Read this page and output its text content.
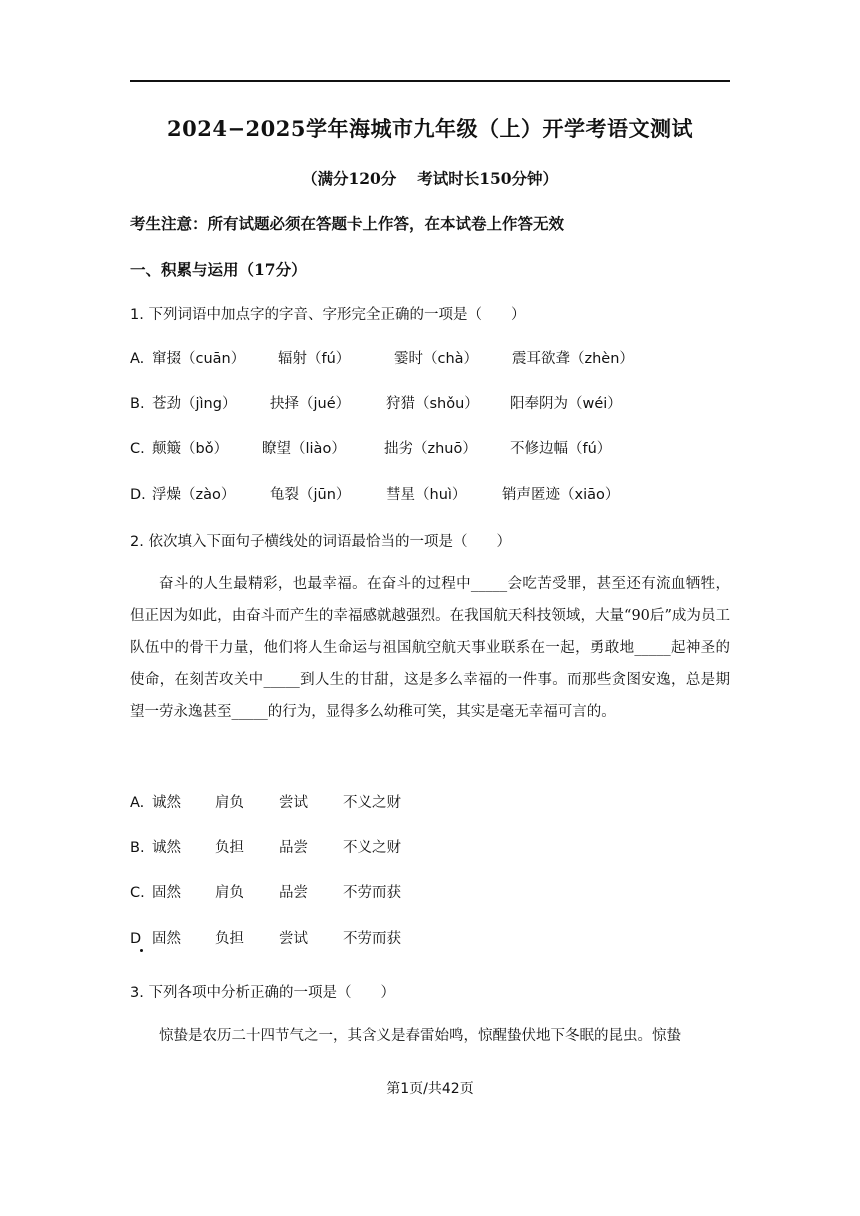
2024−2025学年海城市九年级（上）开学考语文测试
（满分120分　 考试时长150分钟）
考生注意：所有试题必须在答题卡上作答，在本试卷上作答无效
一、积累与运用（17分）
1. 下列词语中加点字的字音、字形完全正确的一项是（　　）
A. 窜掇（cuān） 辐射（fú）	霎时（chà） 震耳欲聋（zhèn）
B. 苍劲（jìng） 抉择（jué） 狩猎（shǒu） 阳奉阴为（wéi）
C. 颠簸（bǒ） 瞭望（liào）	拙劣（zhuō） 不修边幅（fú）
D. 浮燥（zào） 龟裂（jūn） 彗星（huì） 销声匿迹（xiāo）
2. 依次填入下面句子横线处的词语最恰当的一项是（　　）

奋斗的人生最精彩，也最幸福。在奋斗的过程中_____会吃苦受罪，甚至还有流血牺牲，但正因为如此，由奋斗而产生的幸福感就越强烈。在我国航天科技领域，大量“90后”成为员工队伍中的骨干力量，他们将人生命运与祖国航空航天事业联系在一起，勇敢地_____起神圣的使命，在刻苦攻关中_____到人生的甘甜，这是多么幸福的一件事。而那些贪图安逸，总是期望一劳永逸甚至_____的行为，显得多么幼稚可笑，其实是毫无幸福可言的。

A. 诚然 肩负 尝试 不义之财
B. 诚然 负担 品尝 不义之财
C. 固然 肩负 品尝 不劳而获
D 固然 负担 尝试 不劳而获
3. 下列各项中分析正确的一项是（　　）

惊蛰是农历二十四节气之一，其含义是春雷始鸣，惊醒蛰伏地下冬眠的昆虫。惊蛰

第1页/共42页
